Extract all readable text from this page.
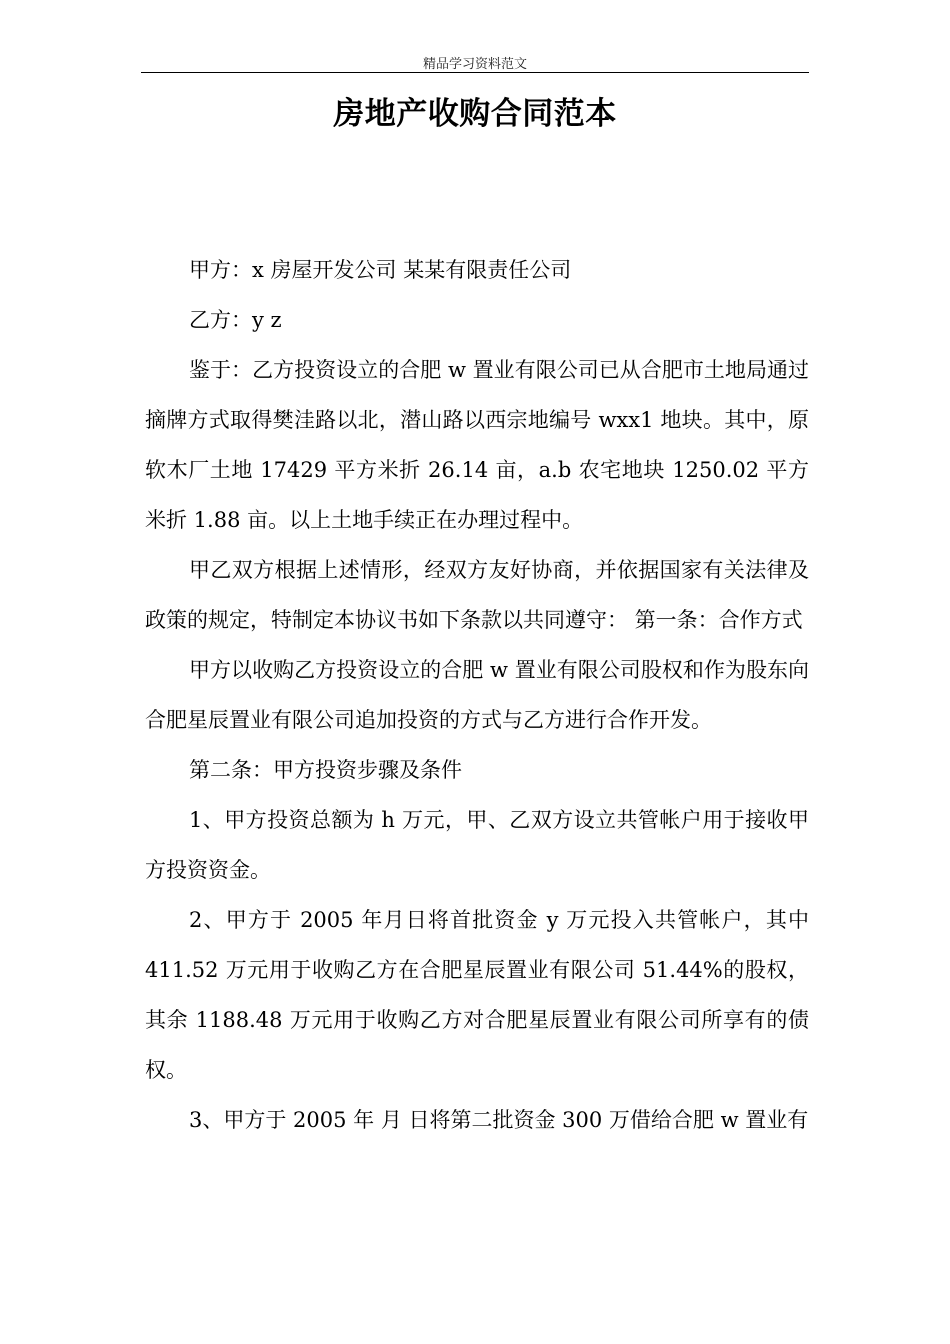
精品学习资料范文
房地产收购合同范本

甲方：x 房屋开发公司 某某有限责任公司

乙方：y z

鉴于：乙方投资设立的合肥 w 置业有限公司已从合肥市土地局通过摘牌方式取得樊洼路以北，潜山路以西宗地编号 wxx1 地块。其中，原软木厂土地 17429 平方米折 26.14 亩，a.b 农宅地块 1250.02 平方米折 1.88 亩。以上土地手续正在办理过程中。

甲乙双方根据上述情形，经双方友好协商，并依据国家有关法律及政策的规定，特制定本协议书如下条款以共同遵守： 第一条：合作方式

甲方以收购乙方投资设立的合肥 w 置业有限公司股权和作为股东向合肥星辰置业有限公司追加投资的方式与乙方进行合作开发。

第二条：甲方投资步骤及条件

1、甲方投资总额为 h 万元，甲、乙双方设立共管帐户用于接收甲方投资资金。

2、甲方于 2005 年月日将首批资金 y 万元投入共管帐户，其中 411.52 万元用于收购乙方在合肥星辰置业有限公司 51.44%的股权，其余 1188.48 万元用于收购乙方对合肥星辰置业有限公司所享有的债权。

3、甲方于 2005 年 月 日将第二批资金 300 万借给合肥 w 置业有
